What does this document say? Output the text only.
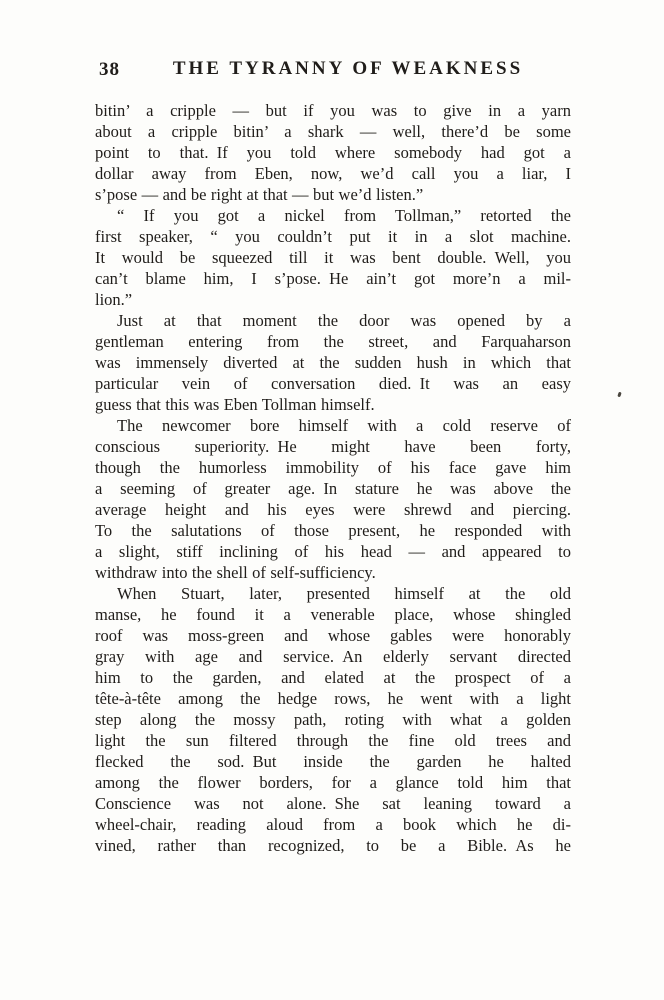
38	THE TYRANNY OF WEAKNESS
bitin’ a cripple — but if you was to give in a yarn
about a cripple bitin’ a shark — well, there’d be some
point to that. If you told where somebody had got a
dollar away from Eben, now, we’d call you a liar, I
s’pose — and be right at that — but we’d listen.”
“ If you got a nickel from Tollman,” retorted the
first speaker, “ you couldn’t put it in a slot machine.
It would be squeezed till it was bent double. Well, you
can’t blame him, I s’pose. He ain’t got more’n a mil-
lion.”
Just at that moment the door was opened by a
gentleman entering from the street, and Farquaharson
was immensely diverted at the sudden hush in which that
particular vein of conversation died. It was an easy
guess that this was Eben Tollman himself.
The newcomer bore himself with a cold reserve of
conscious superiority. He might have been forty,
though the humorless immobility of his face gave him
a seeming of greater age. In stature he was above the
average height and his eyes were shrewd and piercing.
To the salutations of those present, he responded with
a slight, stiff inclining of his head — and appeared to
withdraw into the shell of self-sufficiency.
When Stuart, later, presented himself at the old
manse, he found it a venerable place, whose shingled
roof was moss-green and whose gables were honorably
gray with age and service. An elderly servant directed
him to the garden, and elated at the prospect of a
tête-à-tête among the hedge rows, he went with a light
step along the mossy path, roting with what a golden
light the sun filtered through the fine old trees and
flecked the sod. But inside the garden he halted
among the flower borders, for a glance told him that
Conscience was not alone. She sat leaning toward a
wheel-chair, reading aloud from a book which he di-
vined, rather than recognized, to be a Bible. As he
